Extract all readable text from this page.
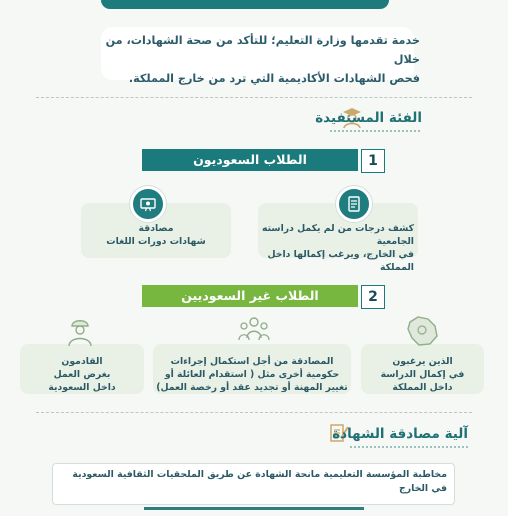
خدمة تقدمها وزارة التعليم؛ للتأكد من صحة الشهادات، من خلال
فحص الشهادات الأكاديمية التي ترد من خارج المملكة.
الفئة المستفيدة
1
الطلاب السعوديون
كشف درجات من لم يكمل دراسته الجامعية
في الخارج، ويرغب إكمالها داخل المملكة
مصادقة
شهادات دورات اللغات
2
الطلاب غير السعوديين
الذين يرغبون
في إكمال الدراسة
داخل المملكة
المصادقة من أجل استكمال إجراءات
حكومية أخرى مثل ( استقدام العائلة أو
تغيير المهنة أو تجديد عقد أو رخصة العمل)
القادمون
بغرض العمل
داخل السعودية
آلية مصادقة الشهادة
مخاطبة المؤسسة التعليمية مانحة الشهادة عن طريق الملحقيات الثقافية السعودية
في الخارج
